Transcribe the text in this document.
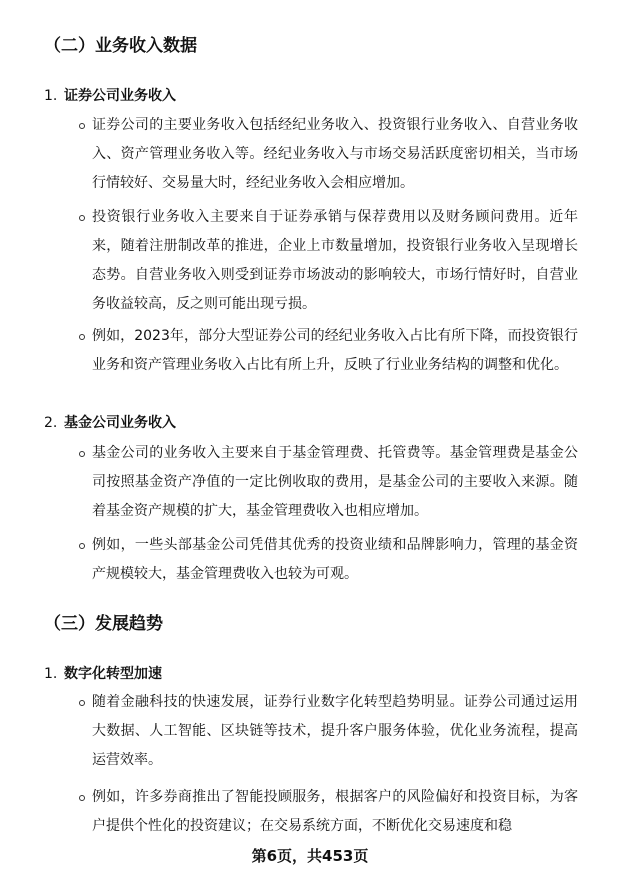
（二）业务收入数据
1. 证券公司业务收入
证券公司的主要业务收入包括经纪业务收入、投资银行业务收入、自营业务收入、资产管理业务收入等。经纪业务收入与市场交易活跃度密切相关，当市场行情较好、交易量大时，经纪业务收入会相应增加。
投资银行业务收入主要来自于证券承销与保荐费用以及财务顾问费用。近年来，随着注册制改革的推进，企业上市数量增加，投资银行业务收入呈现增长态势。自营业务收入则受到证券市场波动的影响较大，市场行情好时，自营业务收益较高，反之则可能出现亏损。
例如，2023年，部分大型证券公司的经纪业务收入占比有所下降，而投资银行业务和资产管理业务收入占比有所上升，反映了行业业务结构的调整和优化。
2. 基金公司业务收入
基金公司的业务收入主要来自于基金管理费、托管费等。基金管理费是基金公司按照基金资产净值的一定比例收取的费用，是基金公司的主要收入来源。随着基金资产规模的扩大，基金管理费收入也相应增加。
例如，一些头部基金公司凭借其优秀的投资业绩和品牌影响力，管理的基金资产规模较大，基金管理费收入也较为可观。
（三）发展趋势
1. 数字化转型加速
随着金融科技的快速发展，证券行业数字化转型趋势明显。证券公司通过运用大数据、人工智能、区块链等技术，提升客户服务体验，优化业务流程，提高运营效率。
例如，许多券商推出了智能投顾服务，根据客户的风险偏好和投资目标，为客户提供个性化的投资建议；在交易系统方面，不断优化交易速度和稳
第6页，共453页
